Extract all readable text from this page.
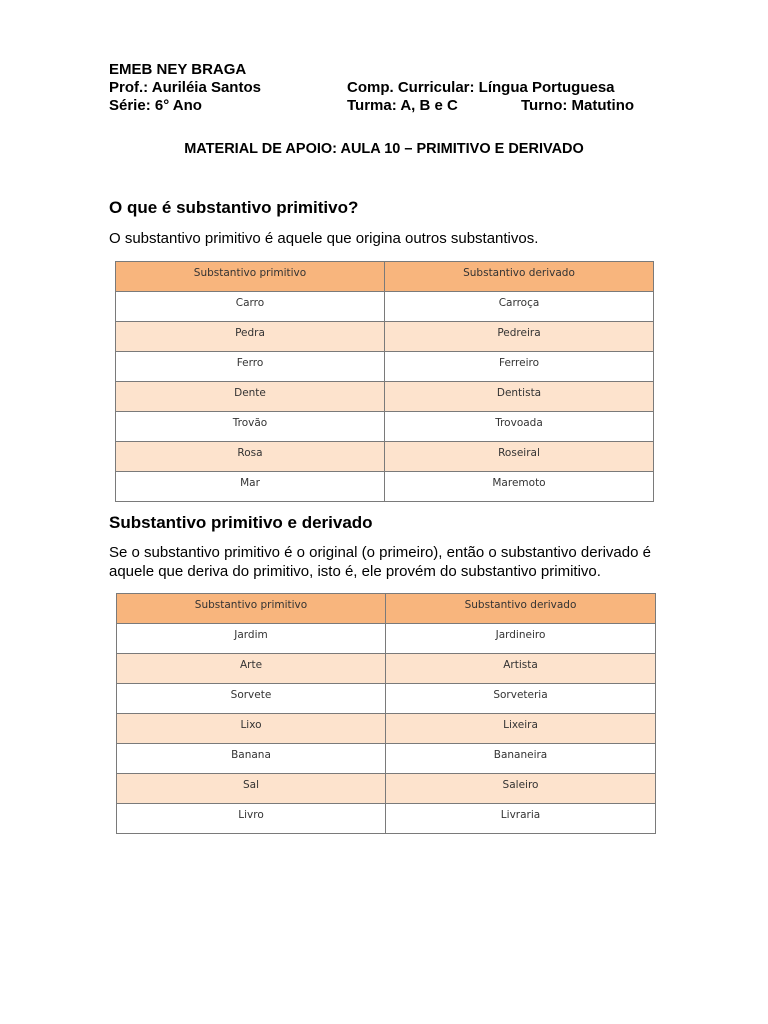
EMEB NEY BRAGA
Prof.: Auriléia Santos	Comp. Curricular: Língua Portuguesa
Série: 6° Ano	Turma: A, B e C	Turno: Matutino
MATERIAL DE APOIO: AULA 10 – PRIMITIVO E DERIVADO
O que é substantivo primitivo?
O substantivo primitivo é aquele que origina outros substantivos.
Substantivo primitivo	Substantivo derivado
Carro	Carroça
Pedra	Pedreira
Ferro	Ferreiro
Dente	Dentista
Trovão	Trovoada
Rosa	Roseiral
Mar	Maremoto
Substantivo primitivo e derivado
Se o substantivo primitivo é o original (o primeiro), então o substantivo derivado é aquele que deriva do primitivo, isto é, ele provém do substantivo primitivo.
Substantivo primitivo	Substantivo derivado
Jardim	Jardineiro
Arte	Artista
Sorvete	Sorveteria
Lixo	Lixeira
Banana	Bananeira
Sal	Saleiro
Livro	Livraria
